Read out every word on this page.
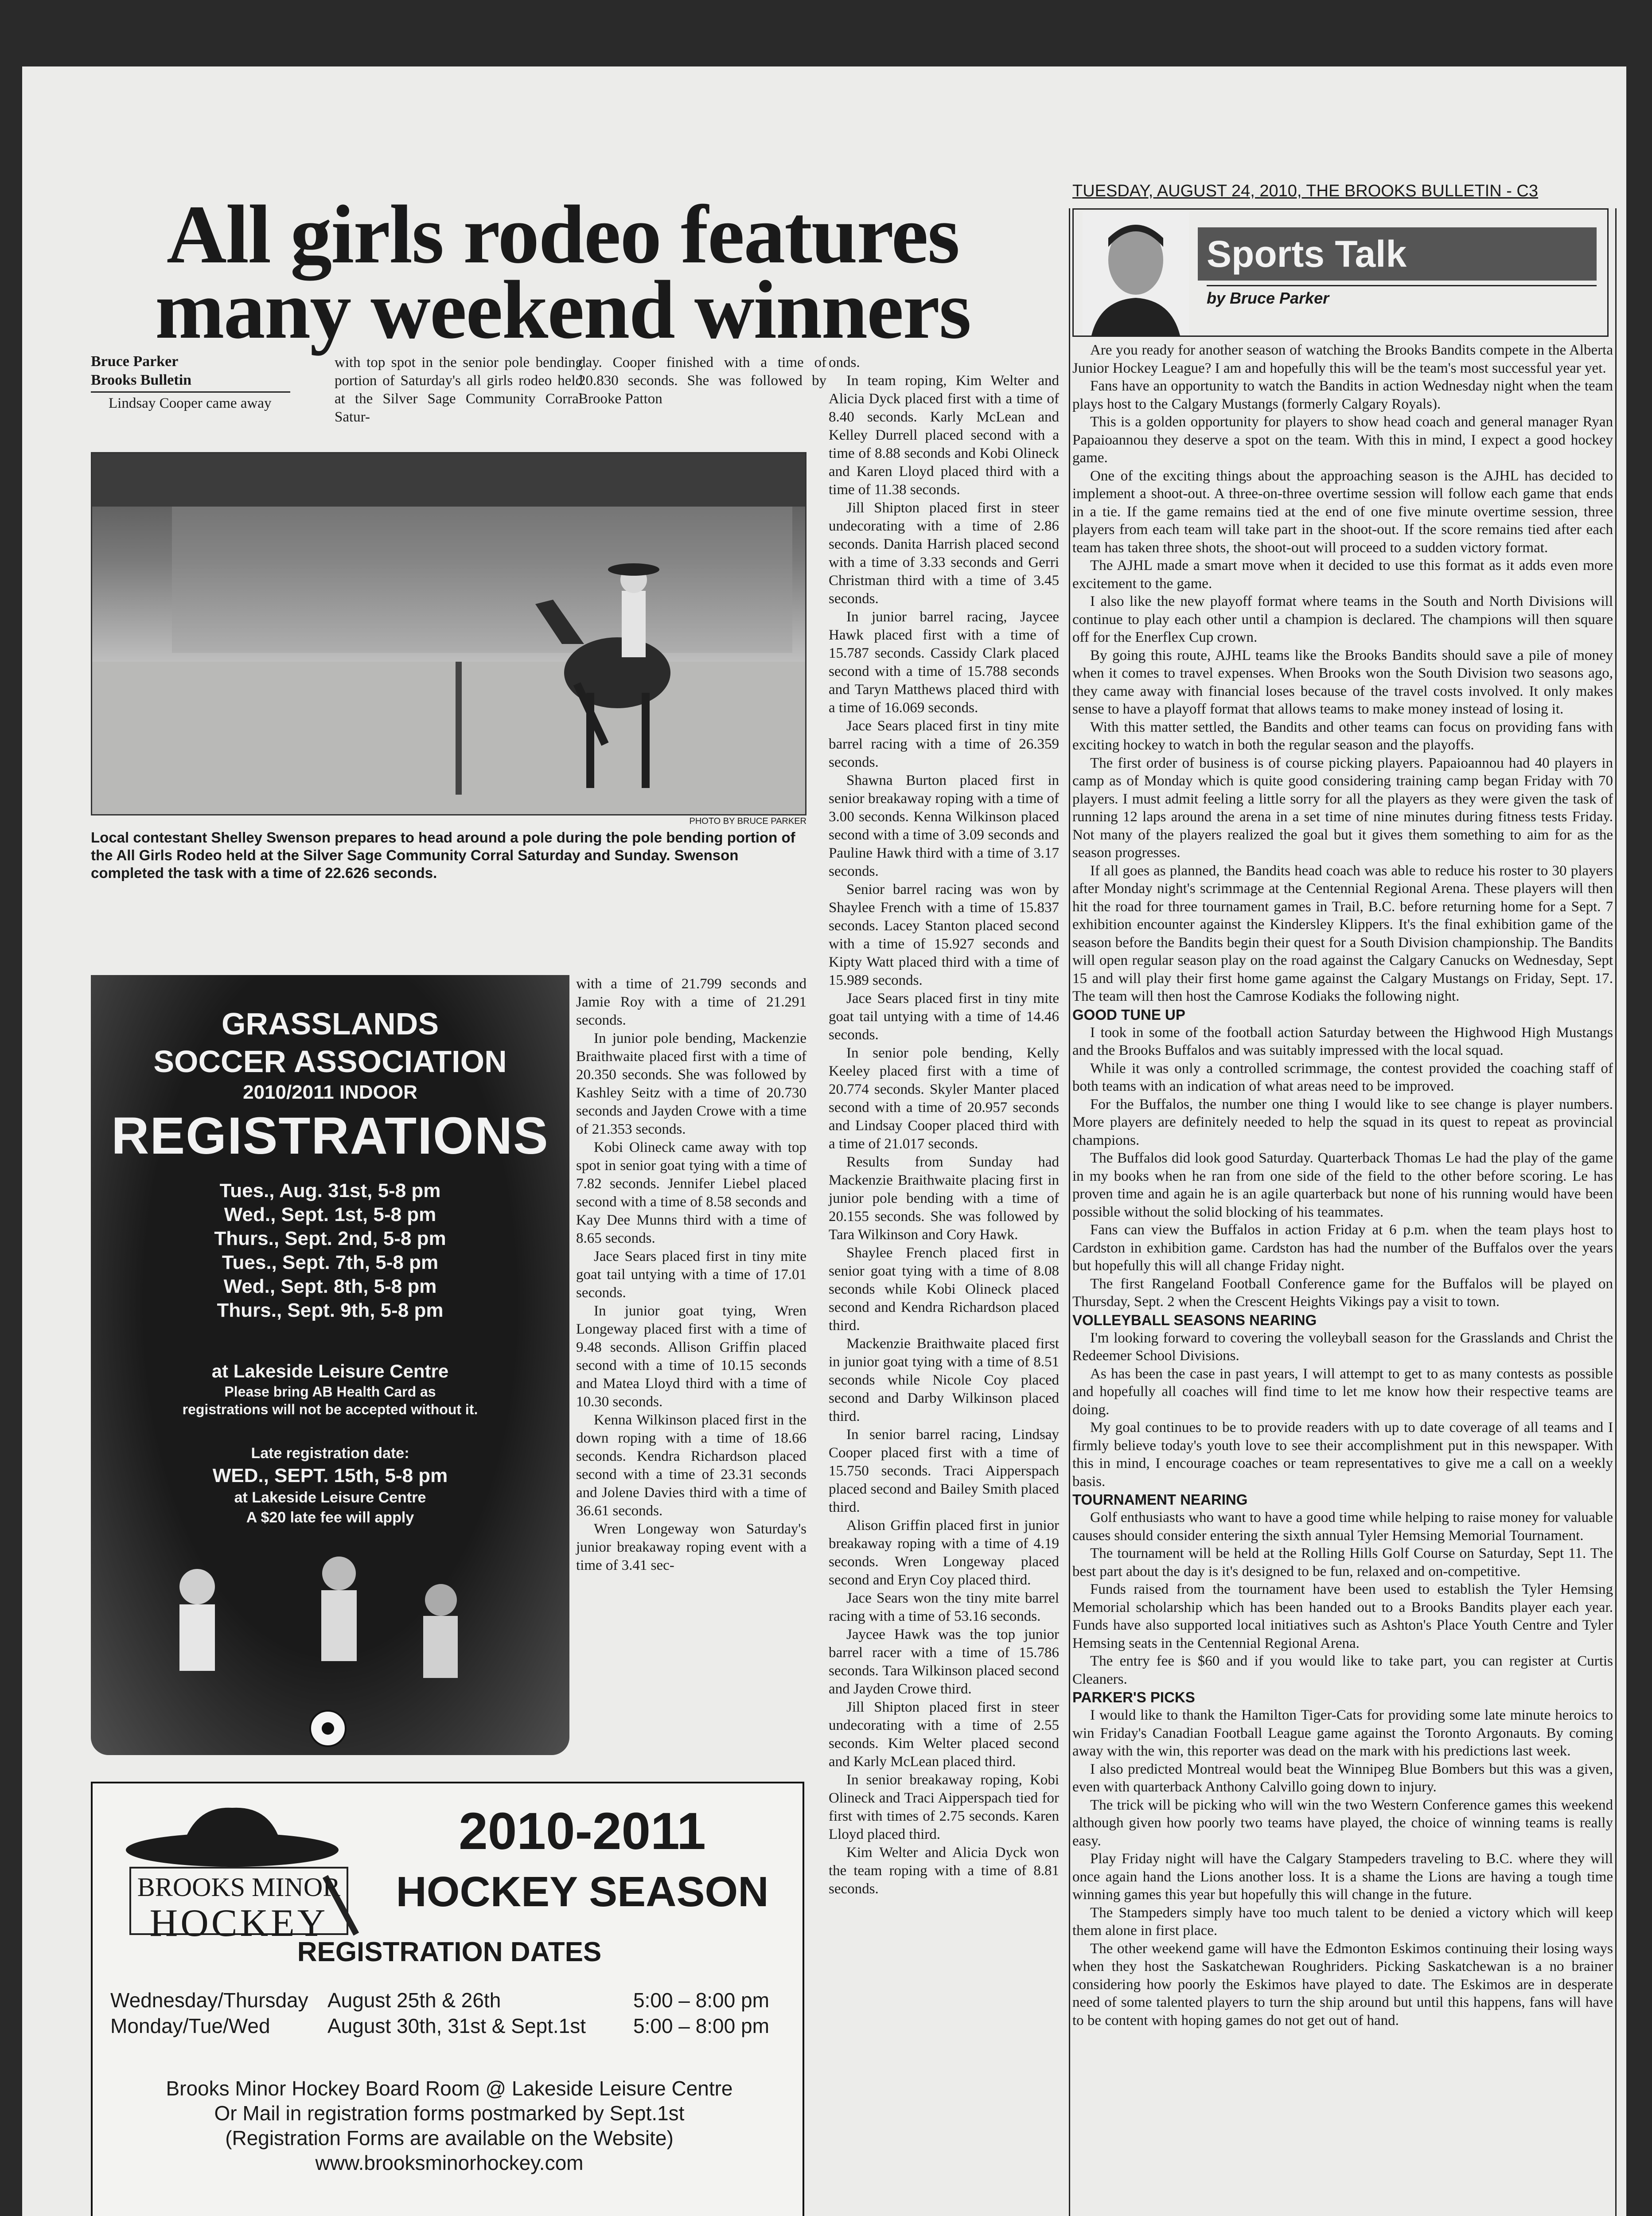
TUESDAY, AUGUST 24, 2010, THE BROOKS BULLETIN - C3
All girls rodeo features
many weekend winners
Bruce Parker
Brooks Bulletin
Lindsay Cooper came away
with top spot in the senior pole bending portion of Saturday's all girls rodeo held at the Silver Sage Community Corral Satur-
day. Cooper finished with a time of 20.830 seconds. She was followed by Brooke Patton
PHOTO BY BRUCE PARKER
Local contestant Shelley Swenson prepares to head around a pole during the pole bending portion of the All Girls Rodeo held at the Silver Sage Community Corral Saturday and Sunday. Swenson completed the task with a time of 22.626 seconds.
GRASSLANDS
SOCCER ASSOCIATION
2010/2011 INDOOR
REGISTRATIONS
Tues., Aug. 31st, 5-8 pm
Wed., Sept. 1st, 5-8 pm
Thurs., Sept. 2nd, 5-8 pm
Tues., Sept. 7th, 5-8 pm
Wed., Sept. 8th, 5-8 pm
Thurs., Sept. 9th, 5-8 pm
at Lakeside Leisure Centre
Please bring AB Health Card as
registrations will not be accepted without it.
Late registration date:
WED., SEPT. 15th, 5-8 pm
at Lakeside Leisure Centre
A $20 late fee will apply

with a time of 21.799 seconds and Jamie Roy with a time of 21.291 seconds.

In junior pole bending, Mackenzie Braithwaite placed first with a time of 20.350 seconds. She was followed by Kashley Seitz with a time of 20.730 seconds and Jayden Crowe with a time of 21.353 seconds.

Kobi Olineck came away with top spot in senior goat tying with a time of 7.82 seconds. Jennifer Liebel placed second with a time of 8.58 seconds and Kay Dee Munns third with a time of 8.65 seconds.

Jace Sears placed first in tiny mite goat tail untying with a time of 17.01 seconds.

In junior goat tying, Wren Longeway placed first with a time of 9.48 seconds. Allison Griffin placed second with a time of 10.15 seconds and Matea Lloyd third with a time of 10.30 seconds.

Kenna Wilkinson placed first in the down roping with a time of 18.66 seconds. Kendra Richardson placed second with a time of 23.31 seconds and Jolene Davies third with a time of 36.61 seconds.

Wren Longeway won Saturday's junior breakaway roping event with a time of 3.41 sec-

onds.

In team roping, Kim Welter and Alicia Dyck placed first with a time of 8.40 seconds. Karly McLean and Kelley Durrell placed second with a time of 8.88 seconds and Kobi Olineck and Karen Lloyd placed third with a time of 11.38 seconds.

Jill Shipton placed first in steer undecorating with a time of 2.86 seconds. Danita Harrish placed second with a time of 3.33 seconds and Gerri Christman third with a time of 3.45 seconds.

In junior barrel racing, Jaycee Hawk placed first with a time of 15.787 seconds. Cassidy Clark placed second with a time of 15.788 seconds and Taryn Matthews placed third with a time of 16.069 seconds.

Jace Sears placed first in tiny mite barrel racing with a time of 26.359 seconds.

Shawna Burton placed first in senior breakaway roping with a time of 3.00 seconds. Kenna Wilkinson placed second with a time of 3.09 seconds and Pauline Hawk third with a time of 3.17 seconds.

Senior barrel racing was won by Shaylee French with a time of 15.837 seconds. Lacey Stanton placed second with a time of 15.927 seconds and Kipty Watt placed third with a time of 15.989 seconds.

Jace Sears placed first in tiny mite goat tail untying with a time of 14.46 seconds.

In senior pole bending, Kelly Keeley placed first with a time of 20.774 seconds. Skyler Manter placed second with a time of 20.957 seconds and Lindsay Cooper placed third with a time of 21.017 seconds.

Results from Sunday had Mackenzie Braithwaite placing first in junior pole bending with a time of 20.155 seconds. She was followed by Tara Wilkinson and Cory Hawk.

Shaylee French placed first in senior goat tying with a time of 8.08 seconds while Kobi Olineck placed second and Kendra Richardson placed third.

Mackenzie Braithwaite placed first in junior goat tying with a time of 8.51 seconds while Nicole Coy placed second and Darby Wilkinson placed third.

In senior barrel racing, Lindsay Cooper placed first with a time of 15.750 seconds. Traci Aipperspach placed second and Bailey Smith placed third.

Alison Griffin placed first in junior breakaway roping with a time of 4.19 seconds. Wren Longeway placed second and Eryn Coy placed third.

Jace Sears won the tiny mite barrel racing with a time of 53.16 seconds.

Jaycee Hawk was the top junior barrel racer with a time of 15.786 seconds. Tara Wilkinson placed second and Jayden Crowe third.

Jill Shipton placed first in steer undecorating with a time of 2.55 seconds. Kim Welter placed second and Karly McLean placed third.

In senior breakaway roping, Kobi Olineck and Traci Aipperspach tied for first with times of 2.75 seconds. Karen Lloyd placed third.

Kim Welter and Alicia Dyck won the team roping with a time of 8.81 seconds.

BROOKS MINOR
HOCKEY
2010-2011
HOCKEY SEASON
REGISTRATION DATES
Wednesday/Thursday August 25th & 26th	5:00 – 8:00 pm
Monday/Tue/Wed	August 30th, 31st & Sept.1st 5:00 – 8:00 pm
Brooks Minor Hockey Board Room @ Lakeside Leisure Centre
Or Mail in registration forms postmarked by Sept.1st
(Registration Forms are available on the Website)
www.brooksminorhockey.com

Sports Talk
by Bruce Parker

Are you ready for another season of watching the Brooks Bandits compete in the Alberta Junior Hockey League? I am and hopefully this will be the team's most successful year yet.

Fans have an opportunity to watch the Bandits in action Wednesday night when the team plays host to the Calgary Mustangs (formerly Calgary Royals).

This is a golden opportunity for players to show head coach and general manager Ryan Papaioannou they deserve a spot on the team. With this in mind, I expect a good hockey game.

One of the exciting things about the approaching season is the AJHL has decided to implement a shoot-out. A three-on-three overtime session will follow each game that ends in a tie. If the game remains tied at the end of one five minute overtime session, three players from each team will take part in the shoot-out. If the score remains tied after each team has taken three shots, the shoot-out will proceed to a sudden victory format.

The AJHL made a smart move when it decided to use this format as it adds even more excitement to the game.

I also like the new playoff format where teams in the South and North Divisions will continue to play each other until a champion is declared. The champions will then square off for the Enerflex Cup crown.

By going this route, AJHL teams like the Brooks Bandits should save a pile of money when it comes to travel expenses. When Brooks won the South Division two seasons ago, they came away with financial loses because of the travel costs involved. It only makes sense to have a playoff format that allows teams to make money instead of losing it.

With this matter settled, the Bandits and other teams can focus on providing fans with exciting hockey to watch in both the regular season and the playoffs.

The first order of business is of course picking players. Papaioannou had 40 players in camp as of Monday which is quite good considering training camp began Friday with 70 players. I must admit feeling a little sorry for all the players as they were given the task of running 12 laps around the arena in a set time of nine minutes during fitness tests Friday. Not many of the players realized the goal but it gives them something to aim for as the season progresses.

If all goes as planned, the Bandits head coach was able to reduce his roster to 30 players after Monday night's scrimmage at the Centennial Regional Arena. These players will then hit the road for three tournament games in Trail, B.C. before returning home for a Sept. 7 exhibition encounter against the Kindersley Klippers. It's the final exhibition game of the season before the Bandits begin their quest for a South Division championship. The Bandits will open regular season play on the road against the Calgary Canucks on Wednesday, Sept 15 and will play their first home game against the Calgary Mustangs on Friday, Sept. 17. The team will then host the Camrose Kodiaks the following night.

GOOD TUNE UP

I took in some of the football action Saturday between the Highwood High Mustangs and the Brooks Buffalos and was suitably impressed with the local squad.

While it was only a controlled scrimmage, the contest provided the coaching staff of both teams with an indication of what areas need to be improved.

For the Buffalos, the number one thing I would like to see change is player numbers. More players are definitely needed to help the squad in its quest to repeat as provincial champions.

The Buffalos did look good Saturday. Quarterback Thomas Le had the play of the game in my books when he ran from one side of the field to the other before scoring. Le has proven time and again he is an agile quarterback but none of his running would have been possible without the solid blocking of his teammates.

Fans can view the Buffalos in action Friday at 6 p.m. when the team plays host to Cardston in exhibition game. Cardston has had the number of the Buffalos over the years but hopefully this will all change Friday night.

The first Rangeland Football Conference game for the Buffalos will be played on Thursday, Sept. 2 when the Crescent Heights Vikings pay a visit to town.

VOLLEYBALL SEASONS NEARING

I'm looking forward to covering the volleyball season for the Grasslands and Christ the Redeemer School Divisions.

As has been the case in past years, I will attempt to get to as many contests as possible and hopefully all coaches will find time to let me know how their respective teams are doing.

My goal continues to be to provide readers with up to date coverage of all teams and I firmly believe today's youth love to see their accomplishment put in this newspaper. With this in mind, I encourage coaches or team representatives to give me a call on a weekly basis.

TOURNAMENT NEARING

Golf enthusiasts who want to have a good time while helping to raise money for valuable causes should consider entering the sixth annual Tyler Hemsing Memorial Tournament.

The tournament will be held at the Rolling Hills Golf Course on Saturday, Sept 11. The best part about the day is it's designed to be fun, relaxed and on-competitive.

Funds raised from the tournament have been used to establish the Tyler Hemsing Memorial scholarship which has been handed out to a Brooks Bandits player each year. Funds have also supported local initiatives such as Ashton's Place Youth Centre and Tyler Hemsing seats in the Centennial Regional Arena.

The entry fee is $60 and if you would like to take part, you can register at Curtis Cleaners.

PARKER'S PICKS

I would like to thank the Hamilton Tiger-Cats for providing some late minute heroics to win Friday's Canadian Football League game against the Toronto Argonauts. By coming away with the win, this reporter was dead on the mark with his predictions last week.

I also predicted Montreal would beat the Winnipeg Blue Bombers but this was a given, even with quarterback Anthony Calvillo going down to injury.

The trick will be picking who will win the two Western Conference games this weekend although given how poorly two teams have played, the choice of winning teams is really easy.

Play Friday night will have the Calgary Stampeders traveling to B.C. where they will once again hand the Lions another loss. It is a shame the Lions are having a tough time winning games this year but hopefully this will change in the future.

The Stampeders simply have too much talent to be denied a victory which will keep them alone in first place.

The other weekend game will have the Edmonton Eskimos continuing their losing ways when they host the Saskatchewan Roughriders. Picking Saskatchewan is a no brainer considering how poorly the Eskimos have played to date. The Eskimos are in desperate need of some talented players to turn the ship around but until this happens, fans will have to be content with hoping games do not get out of hand.
